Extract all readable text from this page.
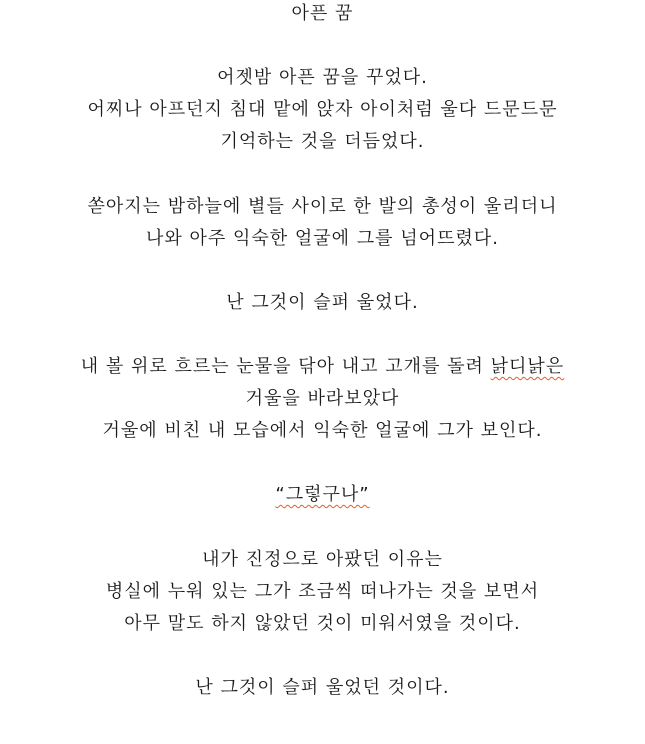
아픈 꿈
어젯밤 아픈 꿈을 꾸었다.
어찌나 아프던지 침대 맡에 앉자 아이처럼 울다 드문드문
기억하는 것을 더듬었다.
쏟아지는 밤하늘에 별들 사이로 한 발의 총성이 울리더니
나와 아주 익숙한 얼굴에 그를 넘어뜨렸다.
난 그것이 슬퍼 울었다.
내 볼 위로 흐르는 눈물을 닦아 내고 고개를 돌려 낡디낡은
거울을 바라보았다
거울에 비친 내 모습에서 익숙한 얼굴에 그가 보인다.
“그렇구나”
내가 진정으로 아팠던 이유는
병실에 누워 있는 그가 조금씩 떠나가는 것을 보면서
아무 말도 하지 않았던 것이 미워서였을 것이다.
난 그것이 슬퍼 울었던 것이다.
